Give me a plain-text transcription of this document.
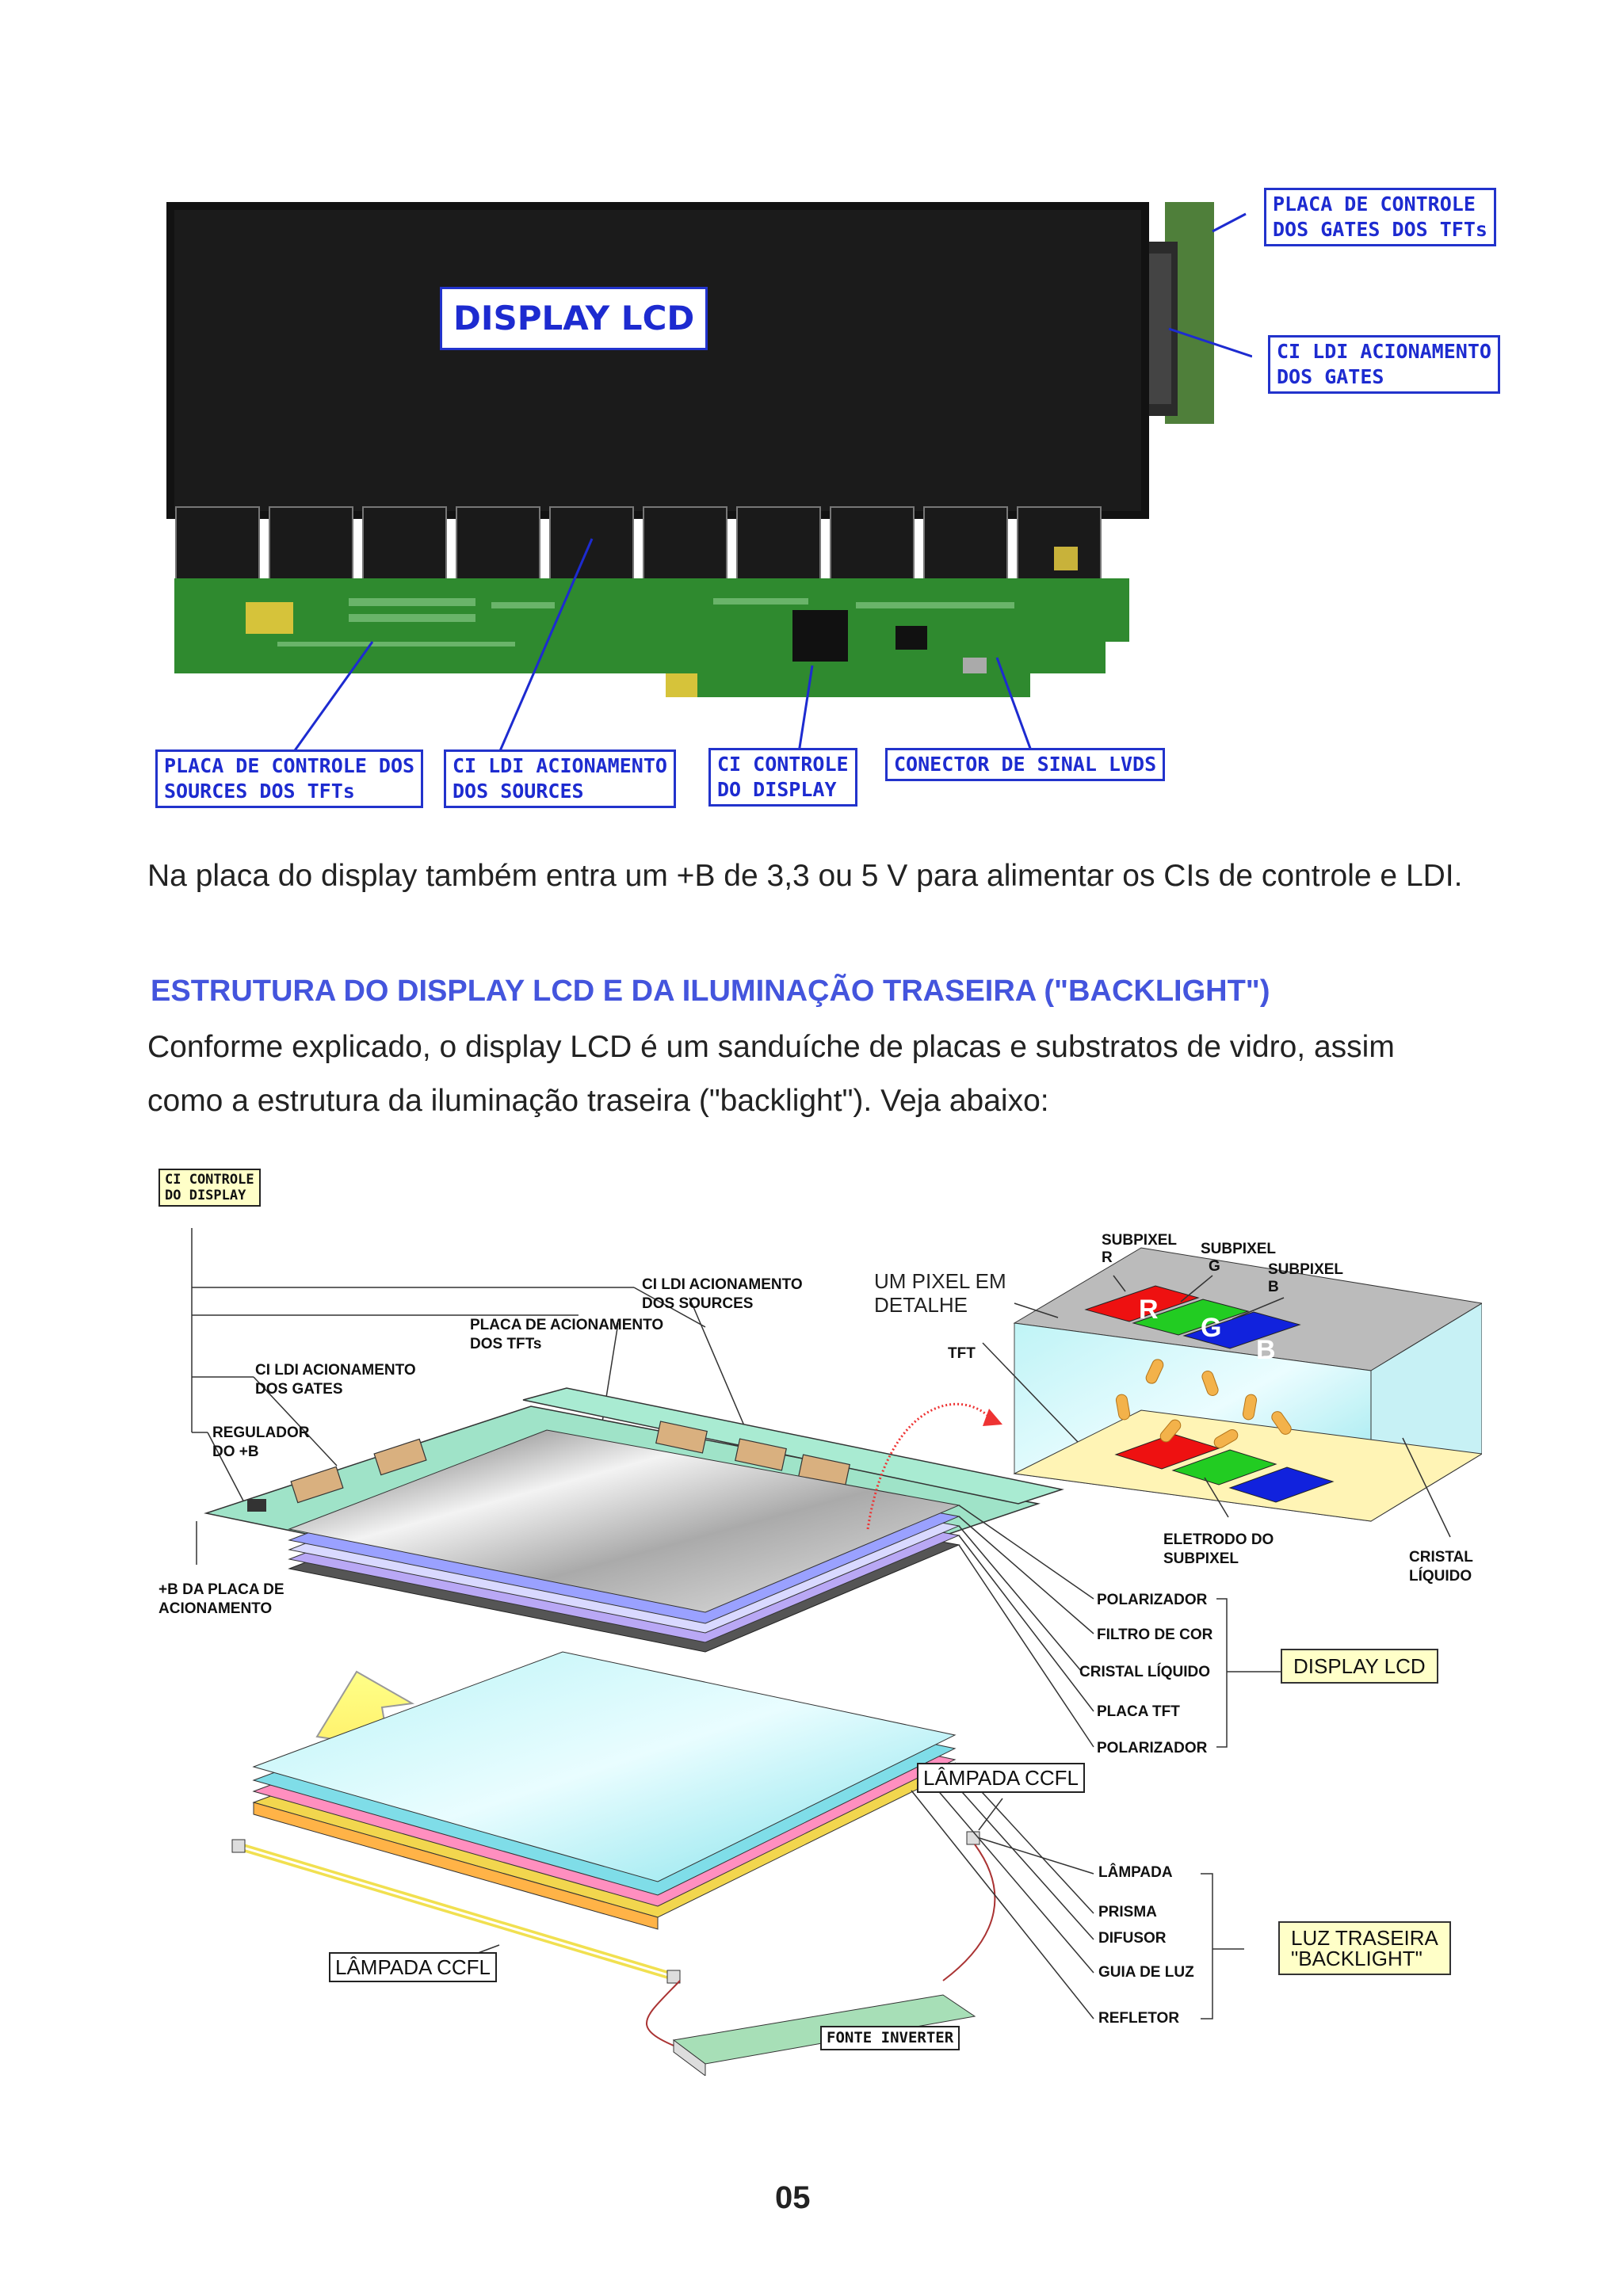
DISPLAY LCD
PLACA DE CONTROLE
DOS GATES DOS TFTs
CI LDI ACIONAMENTO
DOS GATES
PLACA DE CONTROLE DOS
SOURCES DOS TFTs
CI LDI ACIONAMENTO
DOS SOURCES
CI CONTROLE
DO DISPLAY
CONECTOR DE SINAL LVDS
Na placa do display também entra um +B de 3,3 ou 5 V para alimentar os CIs de controle e LDI.
ESTRUTURA DO DISPLAY LCD E DA ILUMINAÇÃO TRASEIRA ("BACKLIGHT")
Conforme explicado, o display LCD é um sanduíche de placas e substratos de vidro, assim
como a estrutura da iluminação traseira ("backlight"). Veja abaixo:
CI CONTROLE
DO DISPLAY
CI LDI ACIONAMENTO
DOS SOURCES
PLACA DE ACIONAMENTO
DOS TFTs
CI LDI ACIONAMENTO
DOS GATES
REGULADOR
DO +B
+B DA PLACA DE
ACIONAMENTO
UM PIXEL EM
DETALHE
SUBPIXEL
R
SUBPIXEL
G	SUBPIXEL
B
R
G
B
TFT
ELETRODO DO
SUBPIXEL	CRISTAL
LÍQUIDO
POLARIZADOR
FILTRO DE COR
CRISTAL LÍQUIDO
PLACA TFT
POLARIZADOR
DISPLAY LCD
LÂMPADA CCFL
LÂMPADA CCFL
LÂMPADA
PRISMA
DIFUSOR
GUIA DE LUZ
REFLETOR
LUZ TRASEIRA
"BACKLIGHT"
FONTE INVERTER
05
